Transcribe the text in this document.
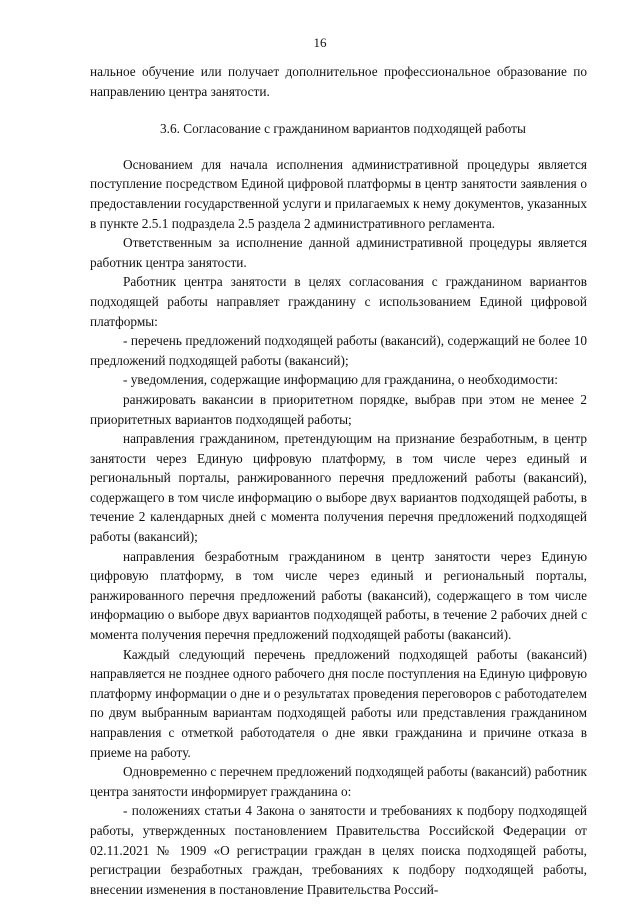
16

нальное обучение или получает дополнительное профессиональное образование по направлению центра занятости.

3.6. Согласование с гражданином вариантов подходящей работы

Основанием для начала исполнения административной процедуры является поступление посредством Единой цифровой платформы в центр занятости заявления о предоставлении государственной услуги и прилагаемых к нему документов, указанных в пункте 2.5.1 подраздела 2.5 раздела 2 административного регламента.

Ответственным за исполнение данной административной процедуры является работник центра занятости.

Работник центра занятости в целях согласования с гражданином вариантов подходящей работы направляет гражданину с использованием Единой цифровой платформы:

- перечень предложений подходящей работы (вакансий), содержащий не более 10 предложений подходящей работы (вакансий);

- уведомления, содержащие информацию для гражданина, о необходимости:

ранжировать вакансии в приоритетном порядке, выбрав при этом не менее 2 приоритетных вариантов подходящей работы;

направления гражданином, претендующим на признание безработным, в центр занятости через Единую цифровую платформу, в том числе через единый и региональный порталы, ранжированного перечня предложений работы (вакансий), содержащего в том числе информацию о выборе двух вариантов подходящей работы, в течение 2 календарных дней с момента получения перечня предложений подходящей работы (вакансий);

направления безработным гражданином в центр занятости через Единую цифровую платформу, в том числе через единый и региональный порталы, ранжированного перечня предложений работы (вакансий), содержащего в том числе информацию о выборе двух вариантов подходящей работы, в течение 2 рабочих дней с момента получения перечня предложений подходящей работы (вакансий).

Каждый следующий перечень предложений подходящей работы (вакансий) направляется не позднее одного рабочего дня после поступления на Единую цифровую платформу информации о дне и о результатах проведения переговоров с работодателем по двум выбранным вариантам подходящей работы или представления гражданином направления с отметкой работодателя о дне явки гражданина и причине отказа в приеме на работу.

Одновременно с перечнем предложений подходящей работы (вакансий) работник центра занятости информирует гражданина о:

- положениях статьи 4 Закона о занятости и требованиях к подбору подходящей работы, утвержденных постановлением Правительства Российской Федерации от 02.11.2021 № 1909 «О регистрации граждан в целях поиска подходящей работы, регистрации безработных граждан, требованиях к подбору подходящей работы, внесении изменения в постановление Правительства Россий-
